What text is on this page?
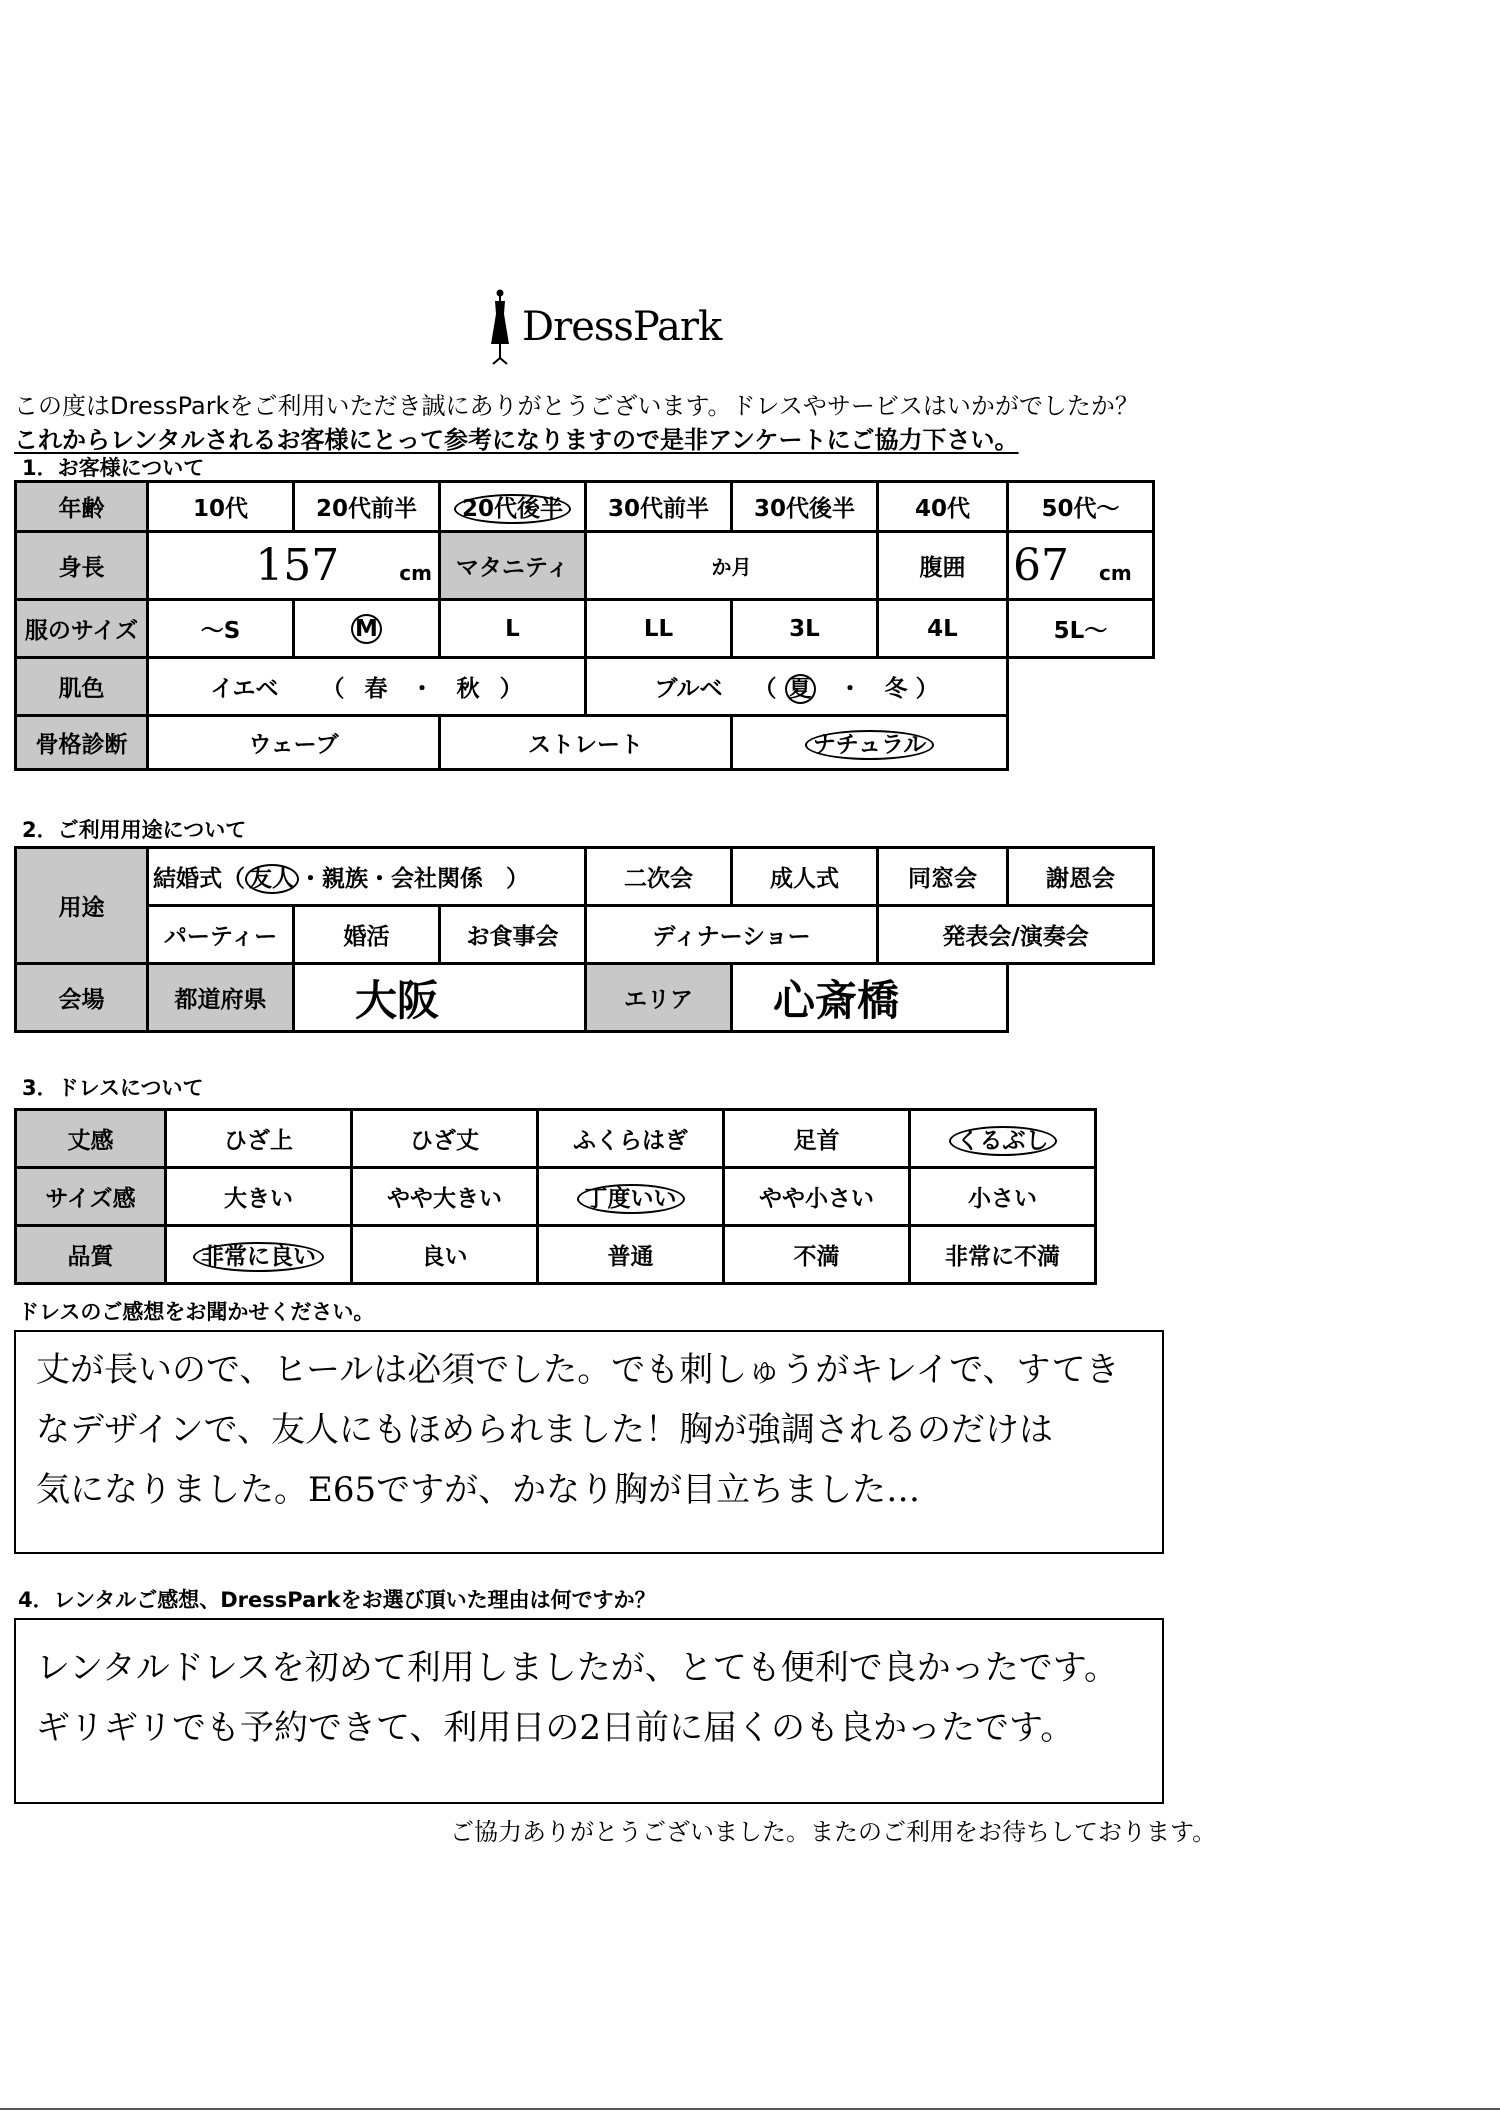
DressPark
この度はDressParkをご利用いただき誠にありがとうございます。ドレスやサービスはいかがでしたか？
これからレンタルされるお客様にとって参考になりますので是非アンケートにご協力下さい。
1．お客様について
年齢	10代	20代前半	20代後半	30代前半	30代後半	40代	50代～
身長	157 cm		マタニティ	か月		腹囲	67 cm
服のサイズ	～S	M	L	LL	3L	4L	5L～
肌色	イエベ　 （ 春　 ・　 秋 ）			ブルベ　 （ 夏　 ・　 冬 ）			
骨格診断	ウェーブ		ストレート		ナチュラル		
2．ご利用用途について
用途	結婚式（ 友人 ・親族・会社関係　）			二次会	成人式	同窓会	謝恩会
	パーティー	婚活	お食事会	ディナーショー		発表会/演奏会	
会場	都道府県	大阪		エリア	心斎橋		
3．ドレスについて
丈感	ひざ上	ひざ丈	ふくらはぎ	足首	くるぶし
サイズ感	大きい	やや大きい	丁度いい	やや小さい	小さい
品質	非常に良い	良い	普通	不満	非常に不満
ドレスのご感想をお聞かせください。

丈が長いので、ヒールは必須でした。でも刺しゅうがキレイで、すてき

なデザインで、友人にもほめられました！胸が強調されるのだけは

気になりました。E65ですが、かなり胸が目立ちました…

4．レンタルご感想、DressParkをお選び頂いた理由は何ですか？

レンタルドレスを初めて利用しましたが、とても便利で良かったです。

ギリギリでも予約できて、利用日の2日前に届くのも良かったです。

ご協力ありがとうございました。またのご利用をお待ちしております。
